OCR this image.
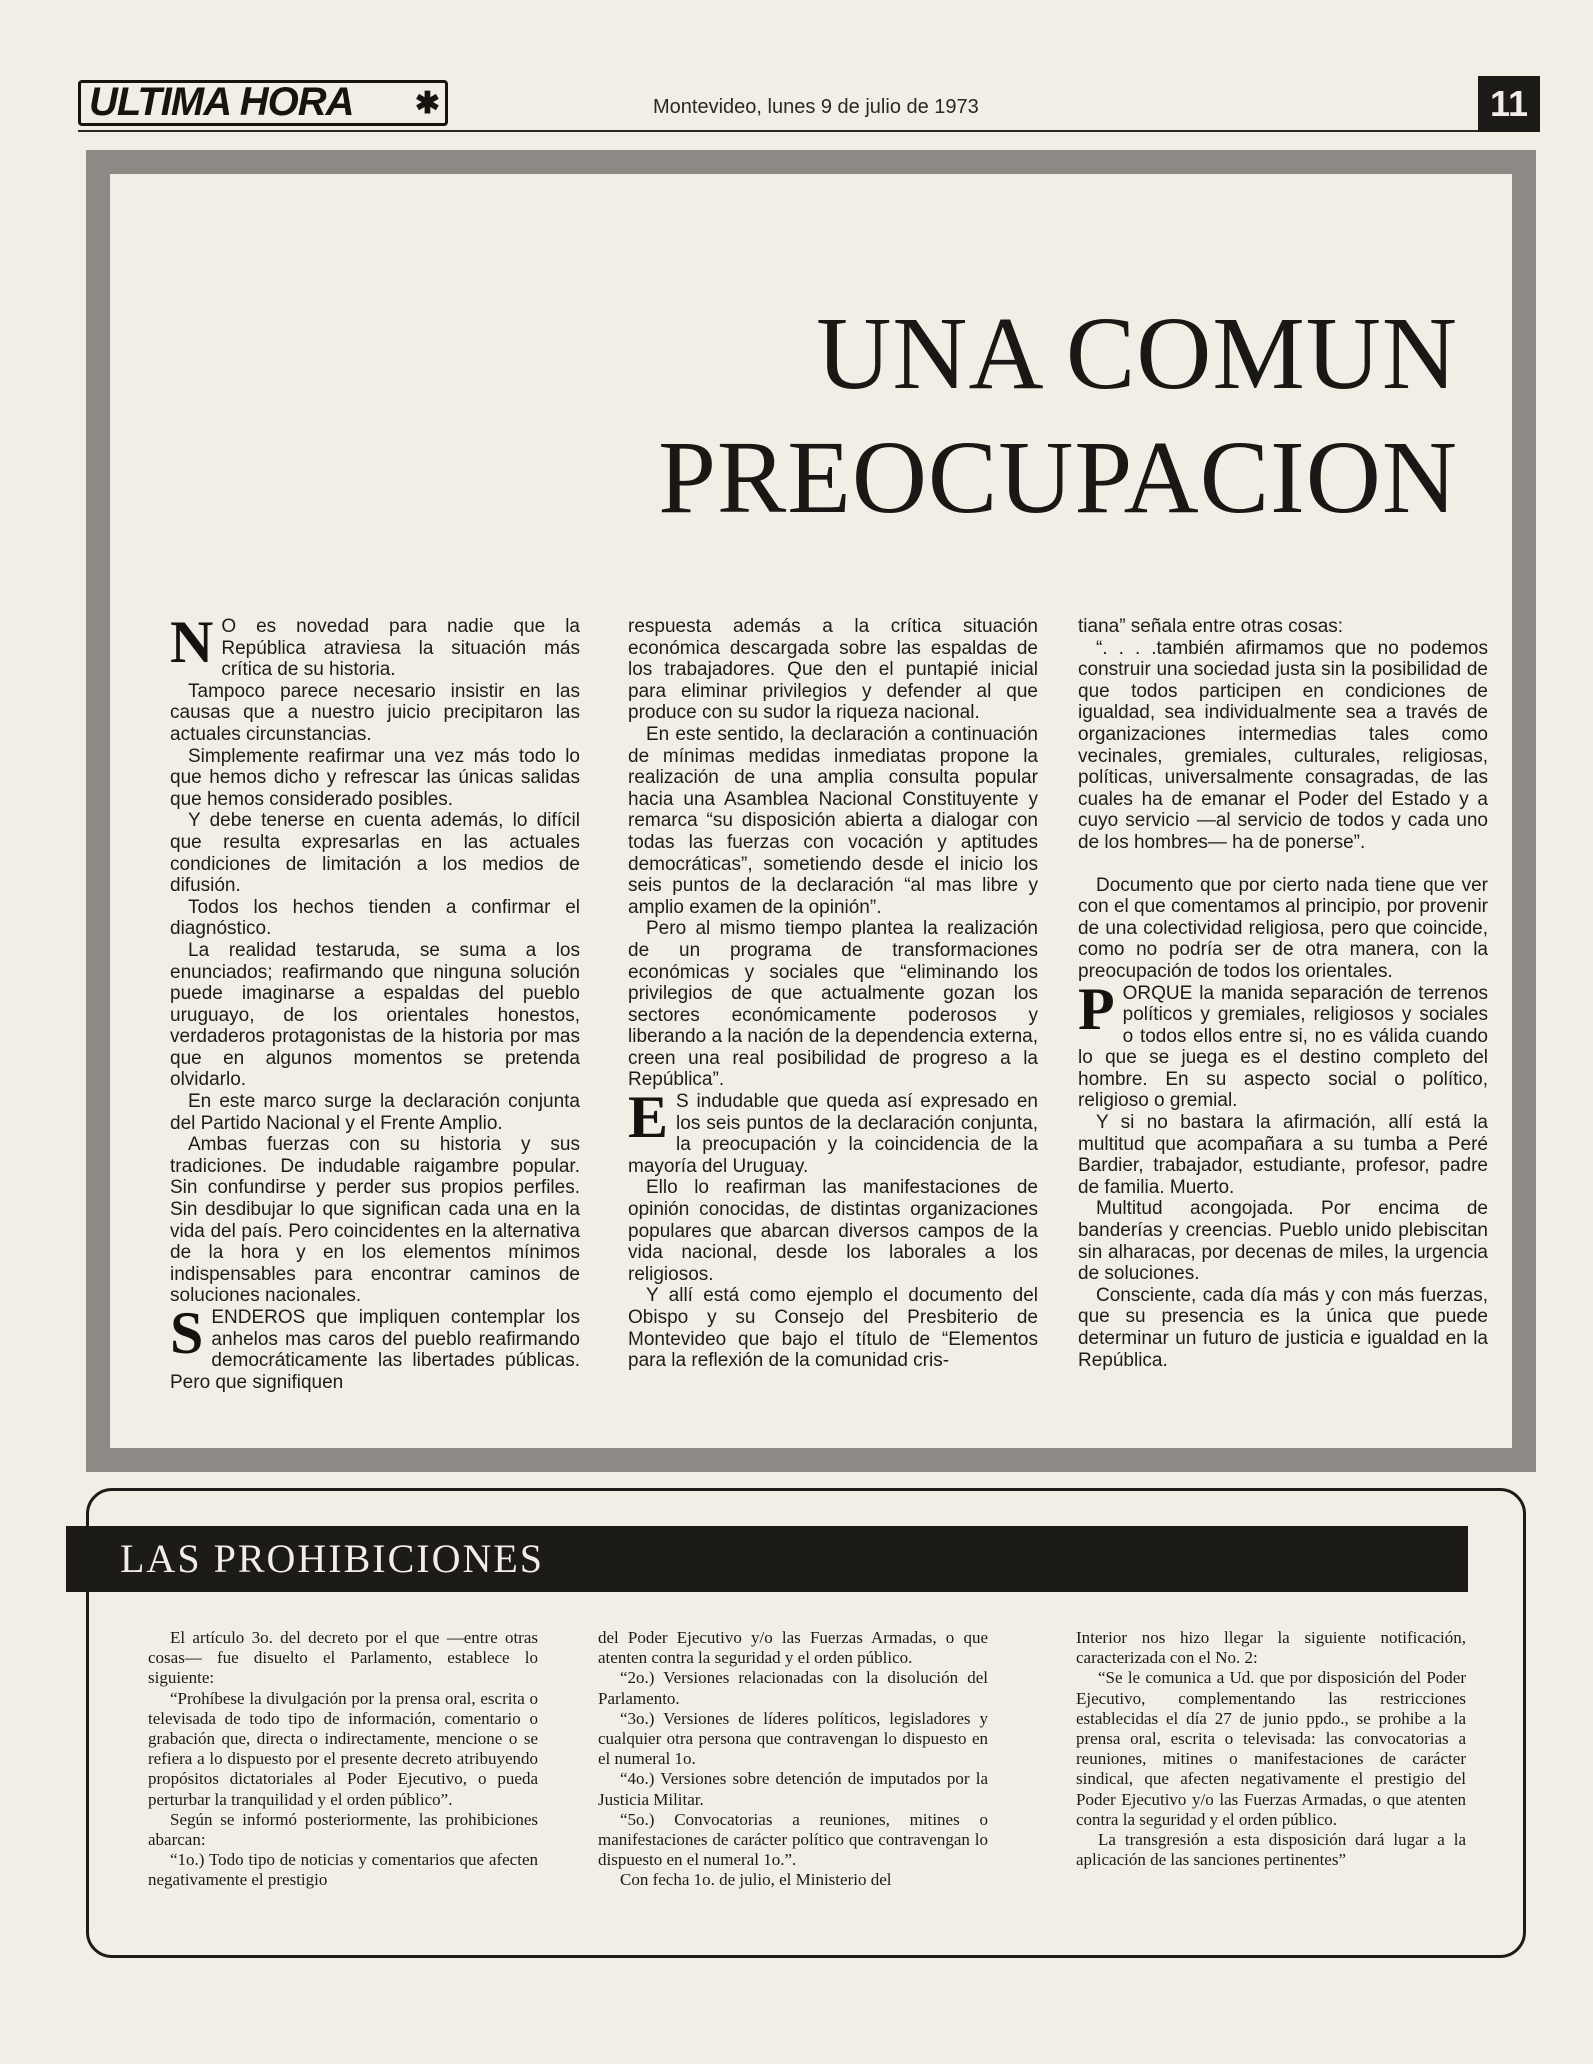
ULTIMA HORA ✱	Montevideo, lunes 9 de julio de 1973	11
UNA COMUN
PREOCUPACION

N O es novedad para nadie que la República atraviesa la situación más crítica de su historia.

Tampoco parece necesario insistir en las causas que a nuestro juicio precipitaron las actuales circunstancias.

Simplemente reafirmar una vez más todo lo que hemos dicho y refrescar las únicas salidas que hemos considerado posibles.

Y debe tenerse en cuenta además, lo difícil que resulta expresarlas en las actuales condiciones de limitación a los medios de difusión.

Todos los hechos tienden a confirmar el diagnóstico.

La realidad testaruda, se suma a los enunciados; reafirmando que ninguna solución puede imaginarse a espaldas del pueblo uruguayo, de los orientales honestos, verdaderos protagonistas de la historia por mas que en algunos momentos se pretenda olvidarlo.

En este marco surge la declaración conjunta del Partido Nacional y el Frente Amplio.

Ambas fuerzas con su historia y sus tradiciones. De indudable raigambre popular. Sin confundirse y perder sus propios perfiles. Sin desdibujar lo que significan cada una en la vida del país. Pero coincidentes en la alternativa de la hora y en los elementos mínimos indispensables para encontrar caminos de soluciones nacionales.

SENDEROS que impliquen contemplar los anhelos mas caros del pueblo reafirmando democráticamente las libertades públicas. Pero que signifiquen

respuesta además a la crítica situación económica descargada sobre las espaldas de los trabajadores. Que den el puntapié inicial para eliminar privilegios y defender al que produce con su sudor la riqueza nacional.

En este sentido, la declaración a continuación de mínimas medidas inmediatas propone la realización de una amplia consulta popular hacia una Asamblea Nacional Constituyente y remarca “su disposición abierta a dialogar con todas las fuerzas con vocación y aptitudes democráticas”, sometiendo desde el inicio los seis puntos de la declaración “al mas libre y amplio examen de la opinión”.

Pero al mismo tiempo plantea la realización de un programa de transformaciones económicas y sociales que “eliminando los privilegios de que actualmente gozan los sectores económicamente poderosos y liberando a la nación de la dependencia externa, creen una real posibilidad de progreso a la República”.

E S indudable que queda así expresado en los seis puntos de la declaración conjunta, la preocupación y la coincidencia de la mayoría del Uruguay.

Ello lo reafirman las manifestaciones de opinión conocidas, de distintas organizaciones populares que abarcan diversos campos de la vida nacional, desde los laborales a los religiosos.

Y allí está como ejemplo el documento del Obispo y su Consejo del Presbiterio de Montevideo que bajo el título de “Elementos para la reflexión de la comunidad cris-

tiana” señala entre otras cosas:

“. . . .también afirmamos que no podemos construir una sociedad justa sin la posibilidad de que todos participen en condiciones de igualdad, sea individualmente sea a través de organizaciones intermedias tales como vecinales, gremiales, culturales, religiosas, políticas, universalmente consagradas, de las cuales ha de emanar el Poder del Estado y a cuyo servicio —al servicio de todos y cada uno de los hombres— ha de ponerse”.

Documento que por cierto nada tiene que ver con el que comentamos al principio, por provenir de una colectividad religiosa, pero que coincide, como no podría ser de otra manera, con la preocupación de todos los orientales.

PORQUE la manida separación de terrenos políticos y gremiales, religiosos y sociales o todos ellos entre si, no es válida cuando lo que se juega es el destino completo del hombre. En su aspecto social o político, religioso o gremial.

Y si no bastara la afirmación, allí está la multitud que acompañara a su tumba a Peré Bardier, trabajador, estudiante, profesor, padre de familia. Muerto.

Multitud acongojada. Por encima de banderías y creencias. Pueblo unido plebiscitan sin alharacas, por decenas de miles, la urgencia de soluciones.

Consciente, cada día más y con más fuerzas, que su presencia es la única que puede determinar un futuro de justicia e igualdad en la República.

LAS PROHIBICIONES

El artículo 3o. del decreto por el que —entre otras cosas— fue disuelto el Parlamento, establece lo siguiente:

“Prohíbese la divulgación por la prensa oral, escrita o televisada de todo tipo de información, comentario o grabación que, directa o indirectamente, mencione o se refiera a lo dispuesto por el presente decreto atribuyendo propósitos dictatoriales al Poder Ejecutivo, o pueda perturbar la tranquilidad y el orden público”.

Según se informó posteriormente, las prohibiciones abarcan:

“1o.) Todo tipo de noticias y comentarios que afecten negativamente el prestigio

del Poder Ejecutivo y/o las Fuerzas Armadas, o que atenten contra la seguridad y el orden público.

“2o.) Versiones relacionadas con la disolución del Parlamento.

“3o.) Versiones de líderes políticos, legisladores y cualquier otra persona que contravengan lo dispuesto en el numeral 1o.

“4o.) Versiones sobre detención de imputados por la Justicia Militar.

“5o.) Convocatorias a reuniones, mitines o manifestaciones de carácter político que contravengan lo dispuesto en el numeral 1o.”.

Con fecha 1o. de julio, el Ministerio del

Interior nos hizo llegar la siguiente notificación, caracterizada con el No. 2:

“Se le comunica a Ud. que por disposición del Poder Ejecutivo, complementando las restricciones establecidas el día 27 de junio ppdo., se prohibe a la prensa oral, escrita o televisada: las convocatorias a reuniones, mitines o manifestaciones de carácter sindical, que afecten negativamente el prestigio del Poder Ejecutivo y/o las Fuerzas Armadas, o que atenten contra la seguridad y el orden público.

La transgresión a esta disposición dará lugar a la aplicación de las sanciones pertinentes”
